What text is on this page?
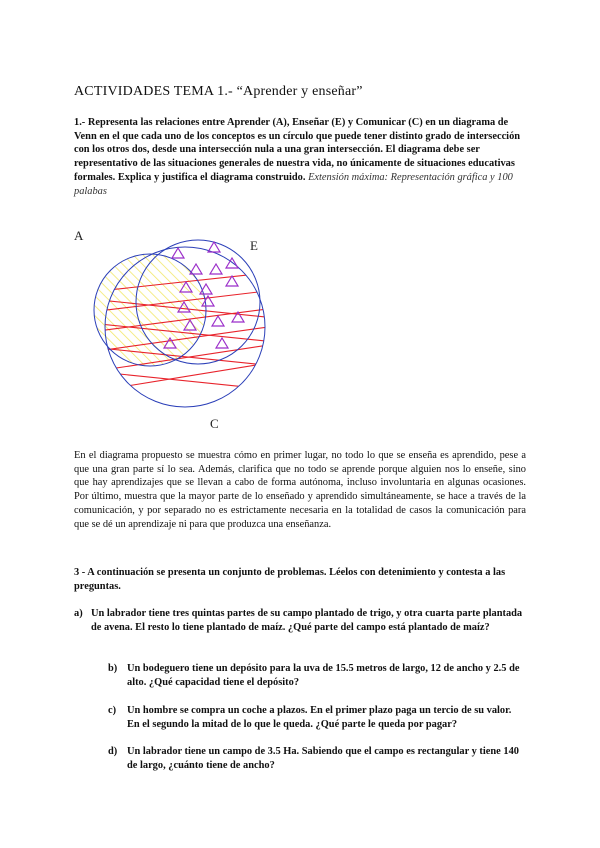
ACTIVIDADES TEMA 1.- “Aprender y enseñar”
1.- Representa las relaciones entre Aprender (A), Enseñar (E) y Comunicar (C) en un diagrama de Venn en el que cada uno de los conceptos es un círculo que puede tener distinto grado de intersección con los otros dos, desde una intersección nula a una gran intersección. El diagrama debe ser representativo de las situaciones generales de nuestra vida, no únicamente de situaciones educativas formales. Explica y justifica el diagrama construido. Extensión máxima: Representación gráfica y 100 palabas
A
E
C
En el diagrama propuesto se muestra cómo en primer lugar, no todo lo que se enseña es aprendido, pese a que una gran parte sí lo sea. Además, clarifica que no todo se aprende porque alguien nos lo enseñe, sino que hay aprendizajes que se llevan a cabo de forma autónoma, incluso involuntaria en algunas ocasiones. Por último, muestra que la mayor parte de lo enseñado y aprendido simultáneamente, se hace a través de la comunicación, y por separado no es estrictamente necesaria en la totalidad de casos la comunicación para que se dé un aprendizaje ni para que produzca una enseñanza.
3 - A continuación se presenta un conjunto de problemas. Léelos con detenimiento y contesta a las preguntas.
a) Un labrador tiene tres quintas partes de su campo plantado de trigo, y otra cuarta parte plantada de avena. El resto lo tiene plantado de maíz. ¿Qué parte del campo está plantado de maíz?
b) Un bodeguero tiene un depósito para la uva de 15.5 metros de largo, 12 de ancho y 2.5 de alto. ¿Qué capacidad tiene el depósito?
c)	Un hombre se compra un coche a plazos. En el primer plazo paga un tercio de su valor. En el segundo la mitad de lo que le queda. ¿Qué parte le queda por pagar?
d) Un labrador tiene un campo de 3.5 Ha. Sabiendo que el campo es rectangular y tiene 140 de largo, ¿cuánto tiene de ancho?
